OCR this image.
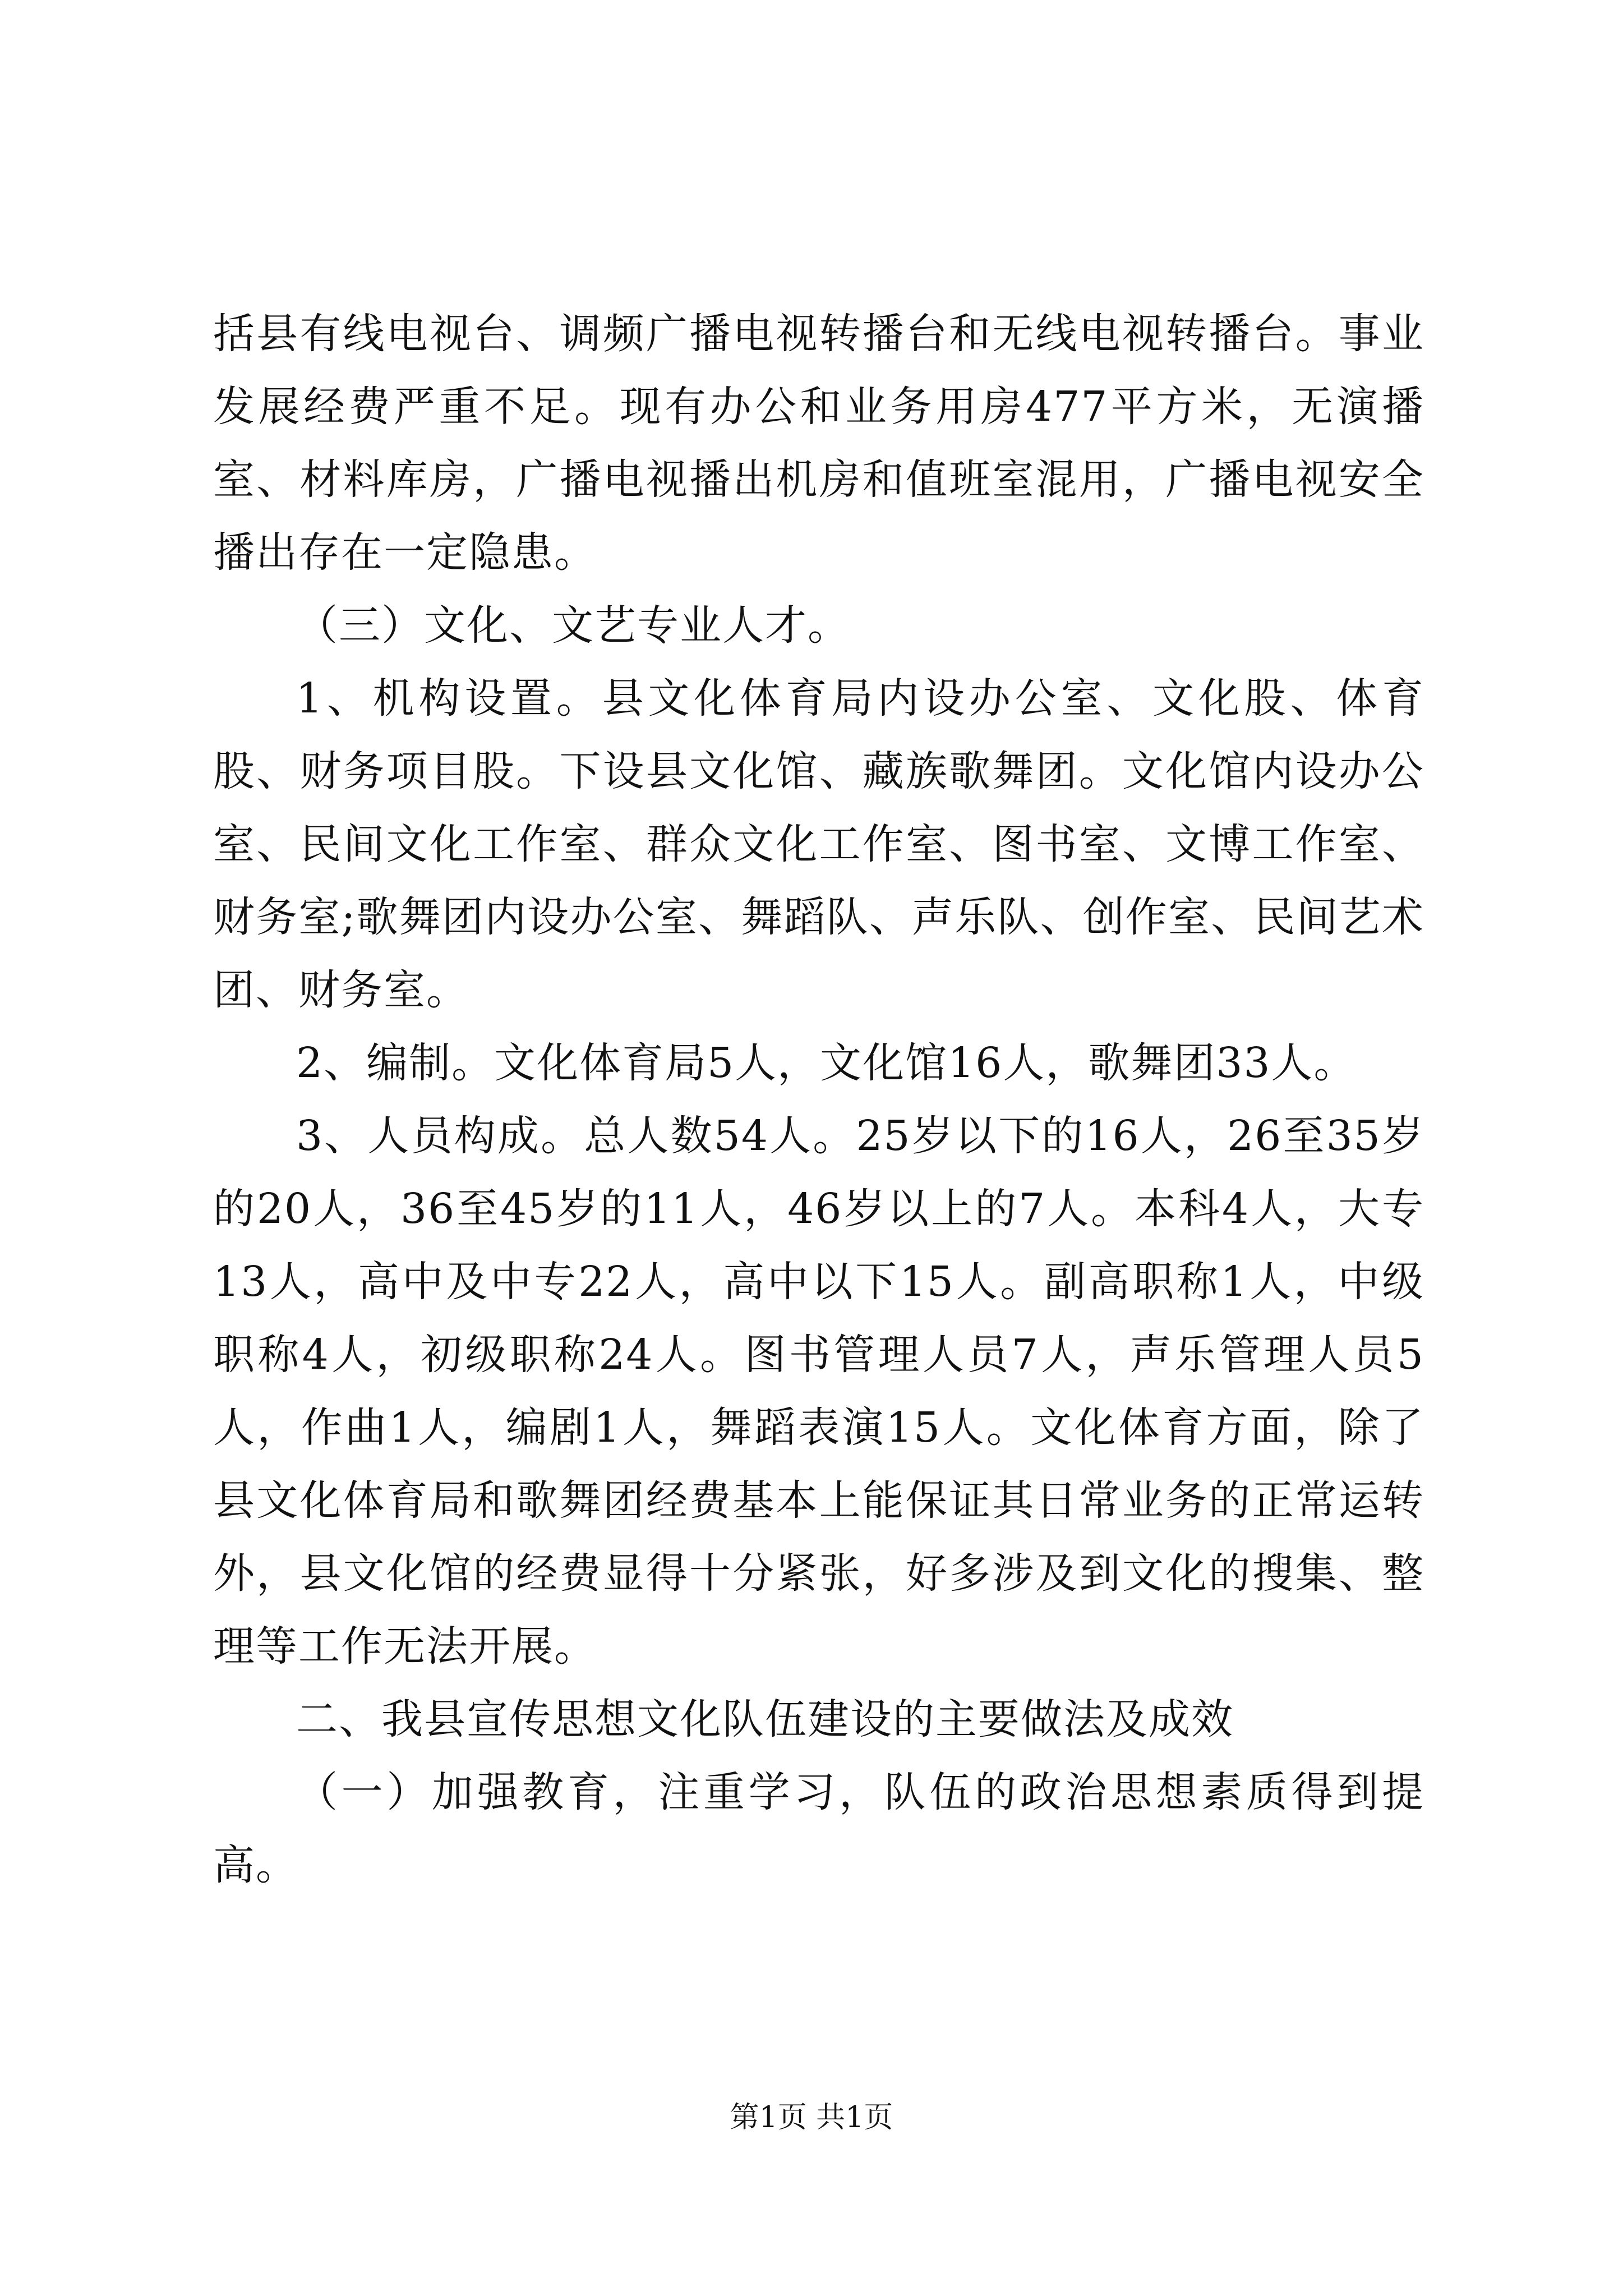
括县有线电视台、调频广播电视转播台和无线电视转播台。事业发展经费严重不足。现有办公和业务用房477平方米，无演播室、材料库房，广播电视播出机房和值班室混用，广播电视安全播出存在一定隐患。

（三）文化、文艺专业人才。

1、机构设置。县文化体育局内设办公室、文化股、体育股、财务项目股。下设县文化馆、藏族歌舞团。文化馆内设办公室、民间文化工作室、群众文化工作室、图书室、文博工作室、财务室;歌舞团内设办公室、舞蹈队、声乐队、创作室、民间艺术团、财务室。

2、编制。文化体育局5人，文化馆16人，歌舞团33人。

3、人员构成。总人数54人。25岁以下的16人，26至35岁的20人，36至45岁的11人，46岁以上的7人。本科4人，大专13人，高中及中专22人，高中以下15人。副高职称1人，中级职称4人，初级职称24人。图书管理人员7人，声乐管理人员5人，作曲1人，编剧1人，舞蹈表演15人。文化体育方面，除了县文化体育局和歌舞团经费基本上能保证其日常业务的正常运转外，县文化馆的经费显得十分紧张，好多涉及到文化的搜集、整理等工作无法开展。

二、我县宣传思想文化队伍建设的主要做法及成效

（一）加强教育，注重学习，队伍的政治思想素质得到提高。

第1页 共1页
